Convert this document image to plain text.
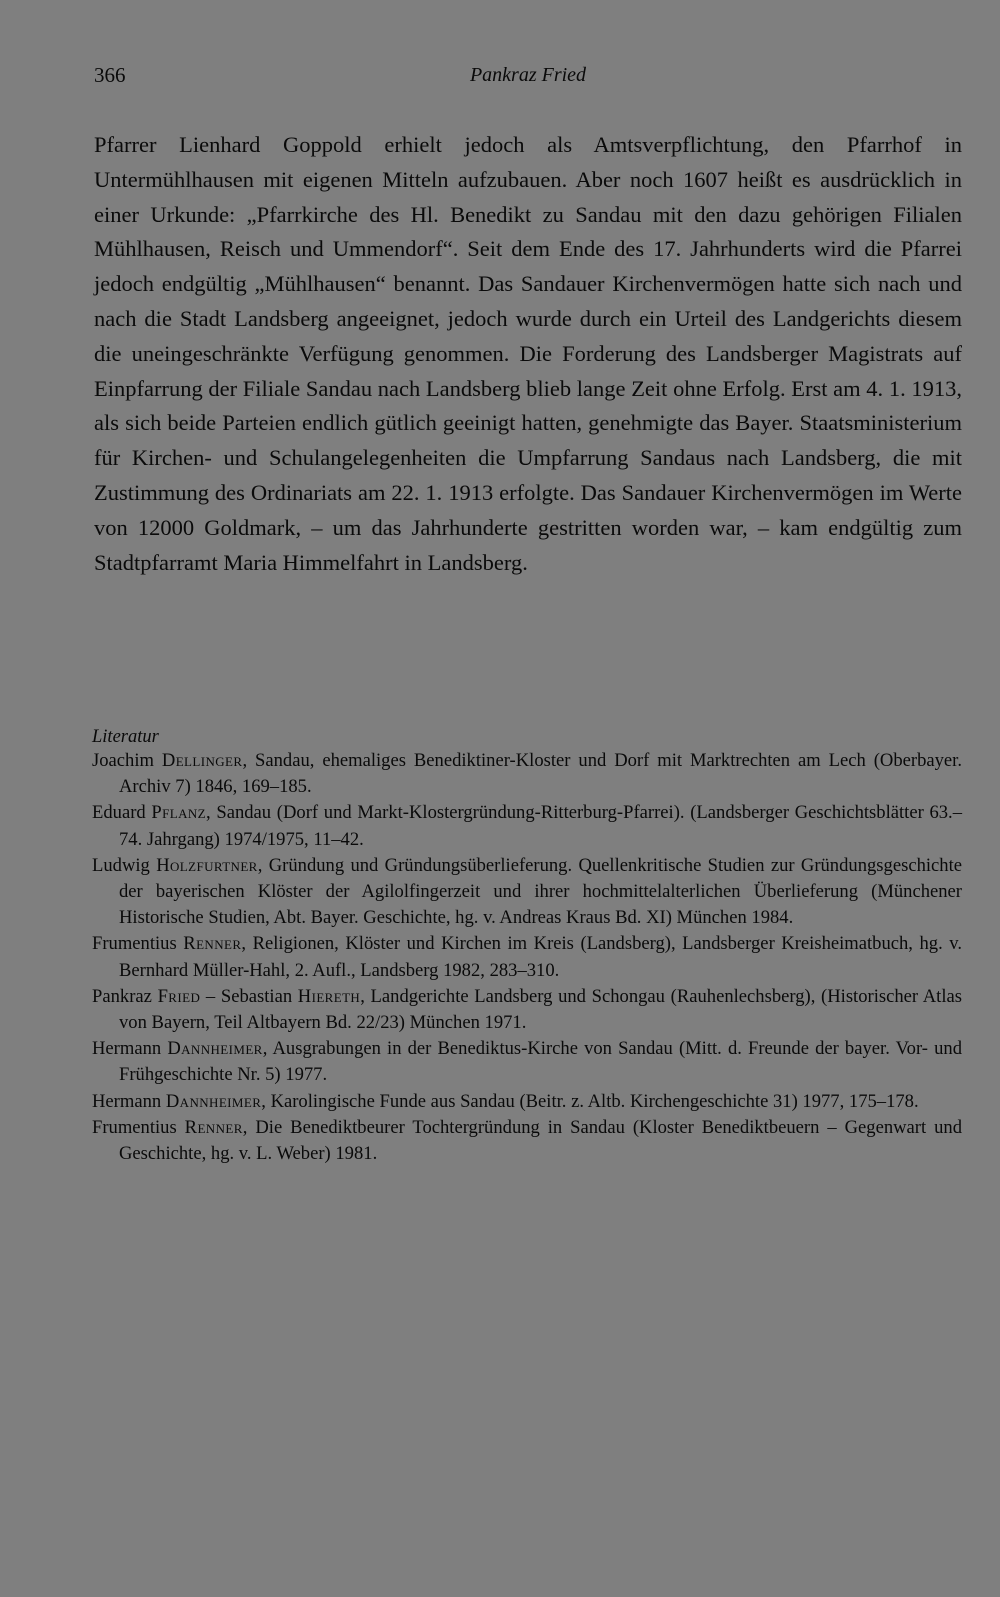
366	Pankraz Fried

Pfarrer Lienhard Goppold erhielt jedoch als Amtsverpflichtung, den Pfarrhof in Untermühlhausen mit eigenen Mitteln aufzubauen. Aber noch 1607 heißt es ausdrücklich in einer Urkunde: „Pfarrkirche des Hl. Benedikt zu Sandau mit den dazu gehörigen Filialen Mühlhausen, Reisch und Ummendorf“. Seit dem Ende des 17. Jahrhunderts wird die Pfarrei jedoch endgültig „Mühlhausen“ benannt. Das Sandauer Kirchenvermögen hatte sich nach und nach die Stadt Landsberg angeeignet, jedoch wurde durch ein Urteil des Landgerichts diesem die uneingeschränkte Verfügung genommen. Die Forderung des Landsberger Magistrats auf Einpfarrung der Filiale Sandau nach Landsberg blieb lange Zeit ohne Erfolg. Erst am 4. 1. 1913, als sich beide Parteien endlich gütlich geeinigt hatten, genehmigte das Bayer. Staatsministerium für Kirchen- und Schulangelegenheiten die Umpfarrung Sandaus nach Landsberg, die mit Zustimmung des Ordinariats am 22. 1. 1913 erfolgte. Das Sandauer Kirchenvermögen im Werte von 12000 Goldmark, – um das Jahrhunderte gestritten worden war, – kam endgültig zum Stadtpfarramt Maria Himmelfahrt in Landsberg.

Literatur

Joachim Dellinger, Sandau, ehemaliges Benediktiner-Kloster und Dorf mit Marktrechten am Lech (Oberbayer. Archiv 7) 1846, 169–185.
Eduard Pflanz, Sandau (Dorf und Markt-Klostergründung-Ritterburg-Pfarrei). (Landsberger Geschichtsblätter 63.–74. Jahrgang) 1974/1975, 11–42.
Ludwig Holzfurtner, Gründung und Gründungsüberlieferung. Quellenkritische Studien zur Gründungsgeschichte der bayerischen Klöster der Agilolfingerzeit und ihrer hochmittelalterlichen Überlieferung (Münchener Historische Studien, Abt. Bayer. Geschichte, hg. v. Andreas Kraus Bd. XI) München 1984.
Frumentius Renner, Religionen, Klöster und Kirchen im Kreis (Landsberg), Landsberger Kreisheimatbuch, hg. v. Bernhard Müller-Hahl, 2. Aufl., Landsberg 1982, 283–310.
Pankraz Fried – Sebastian Hiereth, Landgerichte Landsberg und Schongau (Rauhenlechsberg), (Historischer Atlas von Bayern, Teil Altbayern Bd. 22/23) München 1971.
Hermann Dannheimer, Ausgrabungen in der Benediktus-Kirche von Sandau (Mitt. d. Freunde der bayer. Vor- und Frühgeschichte Nr. 5) 1977.
Hermann Dannheimer, Karolingische Funde aus Sandau (Beitr. z. Altb. Kirchengeschichte 31) 1977, 175–178.
Frumentius Renner, Die Benediktbeurer Tochtergründung in Sandau (Kloster Benediktbeuern – Gegenwart und Geschichte, hg. v. L. Weber) 1981.
